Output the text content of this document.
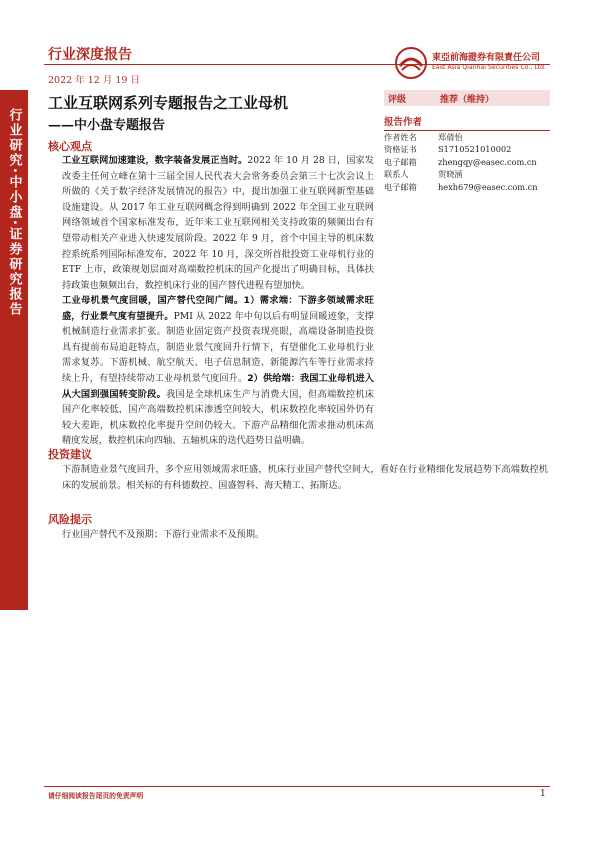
行业研究·中小盘·证券研究报告
行业深度报告
2022 年 12 月 19 日
東亞前海證券有限責任公司
East Asia Qianhai Securities Co., Ltd.
工业互联网系列专题报告之工业母机
——中小盘专题报告
核心观点
工业互联网加速建设，数字装备发展正当时。2022 年 10 月 28 日，国家发改委主任何立峰在第十三届全国人民代表大会常务委员会第三十七次会议上所做的《关于数字经济发展情况的报告》中，提出加强工业互联网新型基础设施建设。从 2017 年工业互联网概念得到明确到 2022 年全国工业互联网网络领域首个国家标准发布，近年来工业互联网相关支持政策的频频出台有望带动相关产业进入快速发展阶段。2022 年 9 月，首个中国主导的机床数控系统系列国际标准发布，2022 年 10 月，深交所首批投资工业母机行业的 ETF 上市，政策规划层面对高端数控机床的国产化提出了明确目标，具体扶持政策也频频出台，数控机床行业的国产替代进程有望加快。
工业母机景气度回暖，国产替代空间广阔。1）需求端：下游多领域需求旺盛，行业景气度有望提升。PMI 从 2022 年中旬以后有明显回暖迹象，支撑机械制造行业需求扩张。制造业固定资产投资表现亮眼，高端设备制造投资具有提前布局追赶特点，制造业景气度回升行情下，有望催化工业母机行业需求复苏。下游机械、航空航天、电子信息制造、新能源汽车等行业需求持续上升，有望持续带动工业母机景气度回升。2）供给端：我国工业母机进入从大国到强国转变阶段。我国是全球机床生产与消费大国，但高端数控机床国产化率较低，国产高端数控机床渗透空间较大，机床数控化率较国外仍有较大差距，机床数控化率提升空间仍较大。下游产品精细化需求推动机床高精度发展，数控机床向四轴、五轴机床的迭代趋势日益明确。
投资建议
下游制造业景气度回升，多个应用领域需求旺盛，机床行业国产替代空间大，看好在行业精细化发展趋势下高端数控机床的发展前景。相关标的有科德数控、国盛智科、海天精工、拓斯达。
风险提示
行业国产替代不及预期；下游行业需求不及预期。
评级	推荐（维持）
报告作者
作者姓名	郑倩怡
资格证书	S1710521010002
电子邮箱	zhengqy@easec.com.cn
联系人	贺晓涵
电子邮箱	hexh679@easec.com.cn
请仔细阅读报告尾页的免责声明	1
